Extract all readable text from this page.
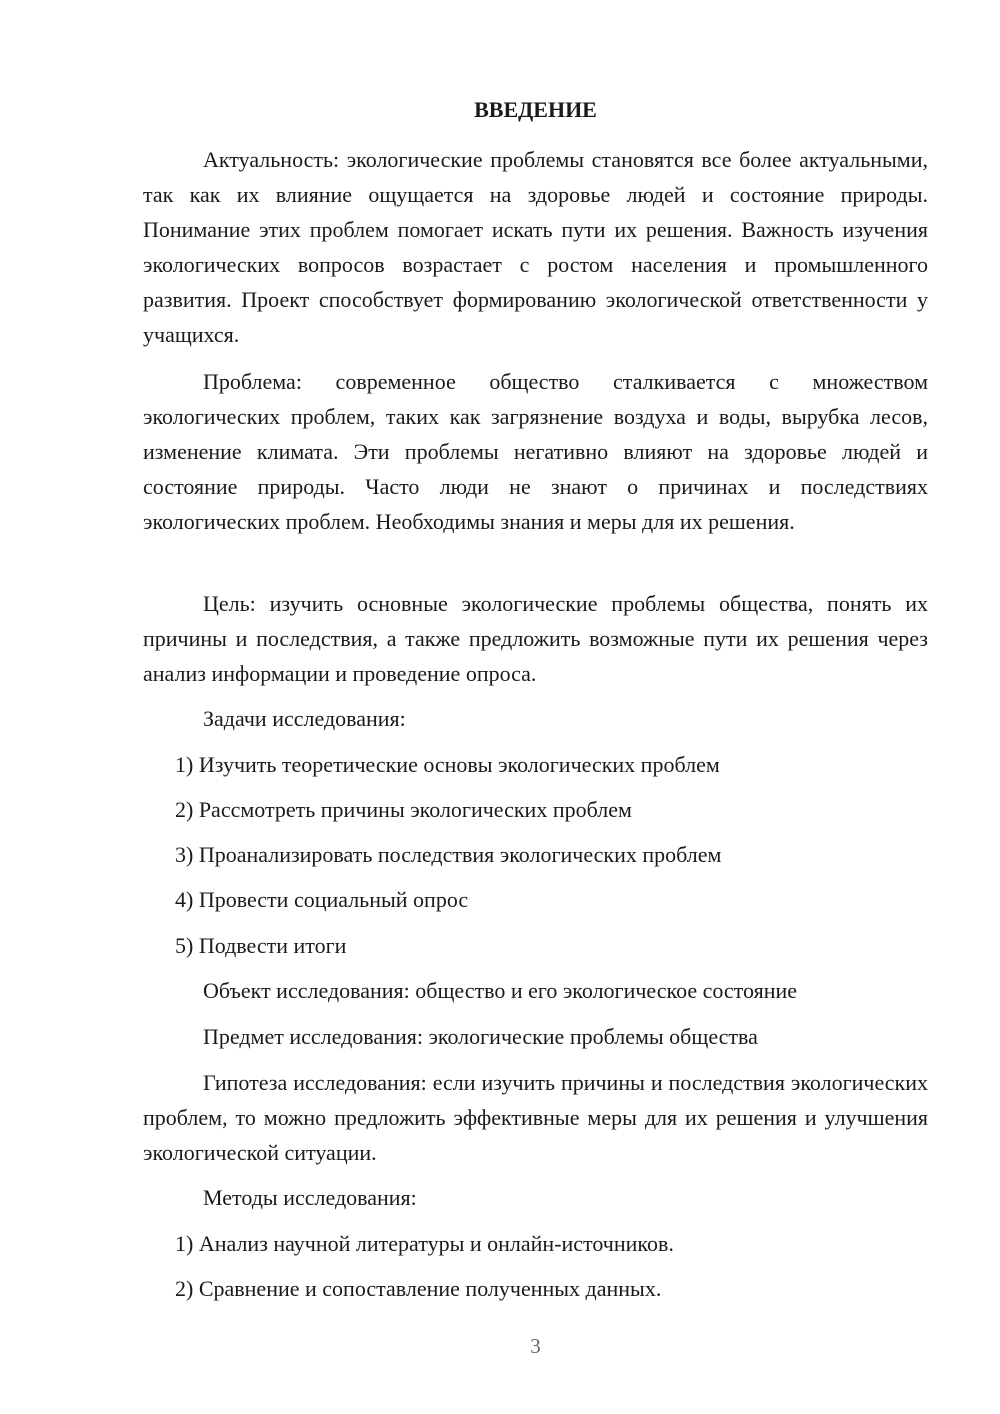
ВВЕДЕНИЕ

Актуальность: экологические проблемы становятся все более актуальными, так как их влияние ощущается на здоровье людей и состояние природы. Понимание этих проблем помогает искать пути их решения. Важность изучения экологических вопросов возрастает с ростом населения и промышленного развития. Проект способствует формированию экологической ответственности у учащихся.

Проблема: современное общество сталкивается с множеством экологических проблем, таких как загрязнение воздуха и воды, вырубка лесов, изменение климата. Эти проблемы негативно влияют на здоровье людей и состояние природы. Часто люди не знают о причинах и последствиях экологических проблем. Необходимы знания и меры для их решения.

Цель: изучить основные экологические проблемы общества, понять их причины и последствия, а также предложить возможные пути их решения через анализ информации и проведение опроса.

Задачи исследования:

1) Изучить теоретические основы экологических проблем

2) Рассмотреть причины экологических проблем

3) Проанализировать последствия экологических проблем

4) Провести социальный опрос

5) Подвести итоги

Объект исследования: общество и его экологическое состояние

Предмет исследования: экологические проблемы общества

Гипотеза исследования: если изучить причины и последствия экологических проблем, то можно предложить эффективные меры для их решения и улучшения экологической ситуации.

Методы исследования:

1) Анализ научной литературы и онлайн-источников.

2) Сравнение и сопоставление полученных данных.

3
